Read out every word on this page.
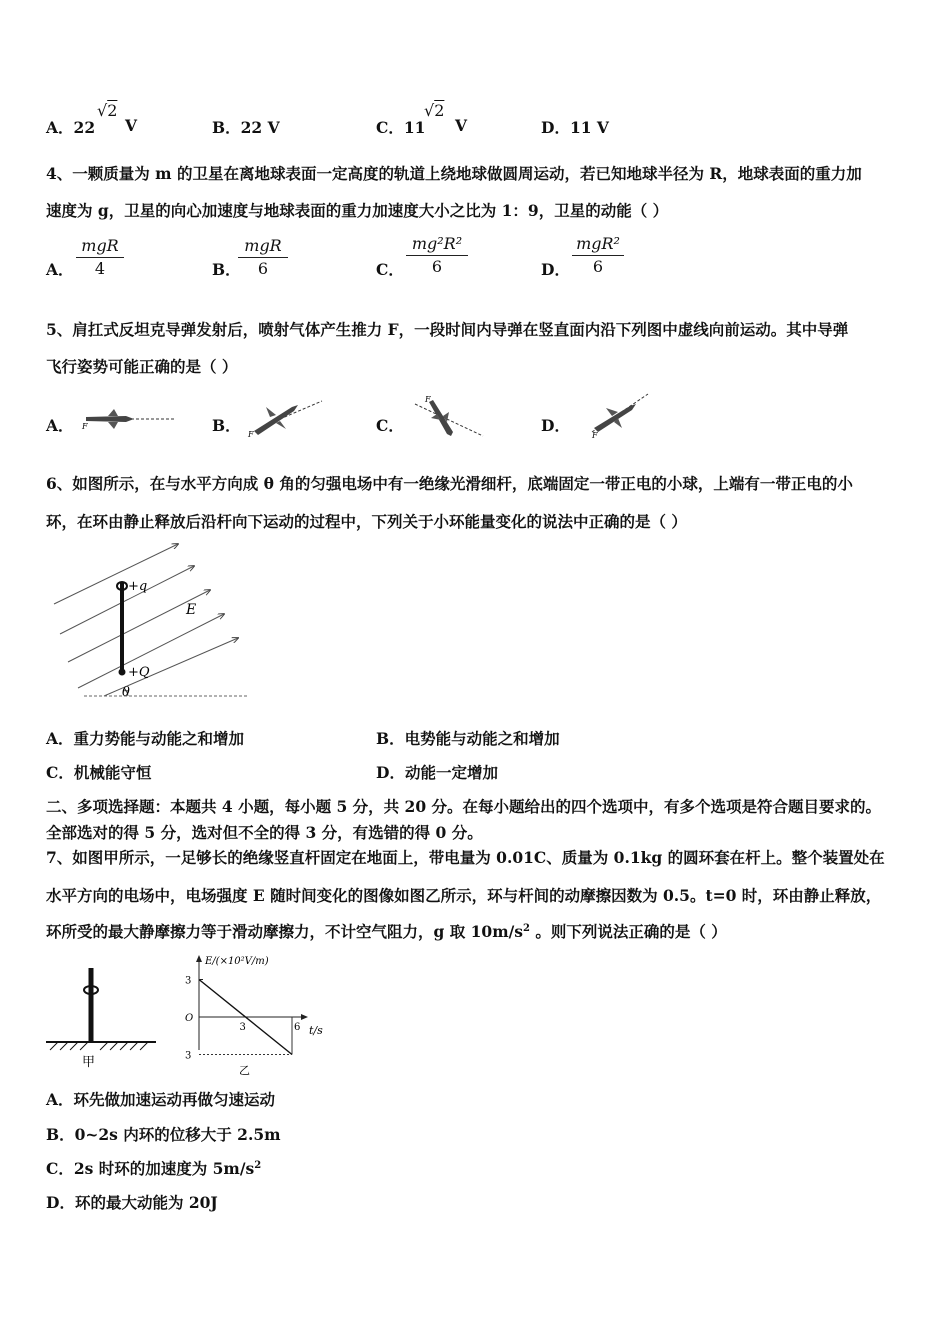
A．22
√2
V	B．22 V	C．11
√2
V	D．11 V
4、一颗质量为 m 的卫星在离地球表面一定高度的轨道上绕地球做圆周运动，若已知地球半径为 R，地球表面的重力加
速度为 g，卫星的向心加速度与地球表面的重力加速度大小之比为 1：9，卫星的动能（ ）
A．
mgR
4	B．
mgR
6	C．
mg²R²
6	D．
mgR²
6
5、肩扛式反坦克导弹发射后，喷射气体产生推力 F，一段时间内导弹在竖直面内沿下列图中虚线向前运动。其中导弹
飞行姿势可能正确的是（ ）
A． F	B． F	C．
F
D．
F
6、如图所示，在与水平方向成 θ 角的匀强电场中有一绝缘光滑细杆，底端固定一带正电的小球，上端有一带正电的小
环，在环由静止释放后沿杆向下运动的过程中，下列关于小环能量变化的说法中正确的是（ ）
+q
+Q
E
θ
A．重力势能与动能之和增加	B．电势能与动能之和增加
C．机械能守恒	D．动能一定增加
二、多项选择题：本题共 4 小题，每小题 5 分，共 20 分。在每小题给出的四个选项中，有多个选项是符合题目要求的。
全部选对的得 5 分，选对但不全的得 3 分，有选错的得 0 分。
7、如图甲所示，一足够长的绝缘竖直杆固定在地面上，带电量为 0.01C、质量为 0.1kg 的圆环套在杆上。整个装置处在
水平方向的电场中，电场强度 E 随时间变化的图像如图乙所示，环与杆间的动摩擦因数为 0.5。t=0 时，环由静止释放，
环所受的最大静摩擦力等于滑动摩擦力，不计空气阻力，g 取 $10m/s^2$ 。则下列说法正确的是（ ）
甲
E/(×10²V/m)
t/s
O
3	6
3
3
乙
A．环先做加速运动再做匀速运动
B．0~2s 内环的位移大于 2.5m
C．2s 时环的加速度为 $5m/s^2$
D．环的最大动能为 20J
